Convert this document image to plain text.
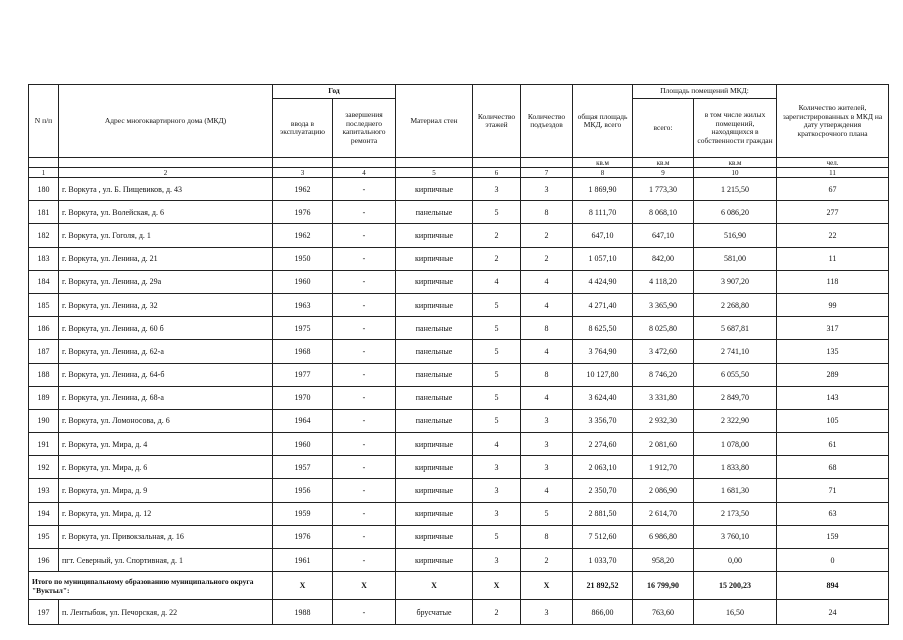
N п/п	Адрес многоквартирного дома (МКД)	Год		Материал стен	Количество этажей	Количество подъездов	общая площадь МКД, всего	Площадь помещений МКД:		Количество жителей, зарегистрированных в МКД на дату утверждения краткосрочного плана
		ввода в эксплуатацию	завершения последнего капитального ремонта					всего:	в том числе жилых помещений, находящихся в собственности граждан	
							кв.м	кв.м	кв.м	чел.
1	2	3	4	5	6	7	8	9	10	11
180	г. Воркута , ул. Б. Пищевиков, д. 43	1962	-	кирпичные	3	3	1 869,90	1 773,30	1 215,50	67
181	г. Воркута, ул. Волейская, д. 6	1976	-	панельные	5	8	8 111,70	8 068,10	6 086,20	277
182	г. Воркута, ул. Гоголя, д. 1	1962	-	кирпичные	2	2	647,10	647,10	516,90	22
183	г. Воркута, ул. Ленина, д. 21	1950	-	кирпичные	2	2	1 057,10	842,00	581,00	11
184	г. Воркута, ул. Ленина, д. 29а	1960	-	кирпичные	4	4	4 424,90	4 118,20	3 907,20	118
185	г. Воркута, ул. Ленина, д. 32	1963	-	кирпичные	5	4	4 271,40	3 365,90	2 268,80	99
186	г. Воркута, ул. Ленина, д. 60 б	1975	-	панельные	5	8	8 625,50	8 025,80	5 687,81	317
187	г. Воркута, ул. Ленина, д. 62-а	1968	-	панельные	5	4	3 764,90	3 472,60	2 741,10	135
188	г. Воркута, ул. Ленина, д. 64-б	1977	-	панельные	5	8	10 127,80	8 746,20	6 055,50	289
189	г. Воркута, ул. Ленина, д. 68-а	1970	-	панельные	5	4	3 624,40	3 331,80	2 849,70	143
190	г. Воркута, ул. Ломоносова, д. 6	1964	-	панельные	5	3	3 356,70	2 932,30	2 322,90	105
191	г. Воркута, ул. Мира, д. 4	1960	-	кирпичные	4	3	2 274,60	2 081,60	1 078,00	61
192	г. Воркута, ул. Мира, д. 6	1957	-	кирпичные	3	3	2 063,10	1 912,70	1 833,80	68
193	г. Воркута, ул. Мира, д. 9	1956	-	кирпичные	3	4	2 350,70	2 086,90	1 681,30	71
194	г. Воркута, ул. Мира, д. 12	1959	-	кирпичные	3	5	2 881,50	2 614,70	2 173,50	63
195	г. Воркута, ул. Привокзальная, д. 16	1976	-	кирпичные	5	8	7 512,60	6 986,80	3 760,10	159
196	пгт. Северный, ул. Спортивная, д. 1	1961	-	кирпичные	3	2	1 033,70	958,20	0,00	0
Итого по муниципальному образованию муниципального округа "Вуктыл":		X	X	X	X	X	21 892,52	16 799,90	15 200,23	894
197	п. Лентыбож, ул. Печорская, д. 22	1988	-	брусчатые	2	3	866,00	763,60	16,50	24
